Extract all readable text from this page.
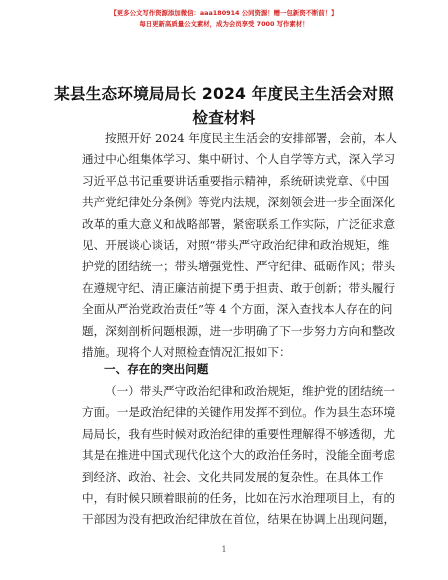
【更多公文写作资源添加微信：aaa180914 公同资源！赠一包新资不断前！】
每日更新高质量公文素材，成为会员享受 7000 写作素材！
某县生态环境局局长 2024 年度民主生活会对照
检查材料
按照开好 2024 年度民主生活会的安排部署，会前，本人
通过中心组集体学习、集中研讨、个人自学等方式，深入学习
习近平总书记重要讲话重要指示精神，系统研读党章、《中国
共产党纪律处分条例》等党内法规，深刻领会进一步全面深化
改革的重大意义和战略部署，紧密联系工作实际，广泛征求意
见、开展谈心谈话，对照“带头严守政治纪律和政治规矩，维
护党的团结统一；带头增强党性、严守纪律、砥砺作风；带头
在遵规守纪、清正廉洁前提下勇于担责、敢于创新；带头履行
全面从严治党政治责任”等 4 个方面，深入查找本人存在的问
题，深刻剖析问题根源，进一步明确了下一步努力方向和整改
措施。现将个人对照检查情况汇报如下：
一、存在的突出问题
（一）带头严守政治纪律和政治规矩，维护党的团结统一
方面。一是政治纪律的关键作用发挥不到位。作为县生态环境
局局长，我有些时候对政治纪律的重要性理解得不够透彻，尤
其是在推进中国式现代化这个大的政治任务时，没能全面考虑
到经济、政治、社会、文化共同发展的复杂性。在具体工作
中，有时候只顾着眼前的任务，比如在污水治理项目上，有的
干部因为没有把政治纪律放在首位，结果在协调上出现问题，
1
